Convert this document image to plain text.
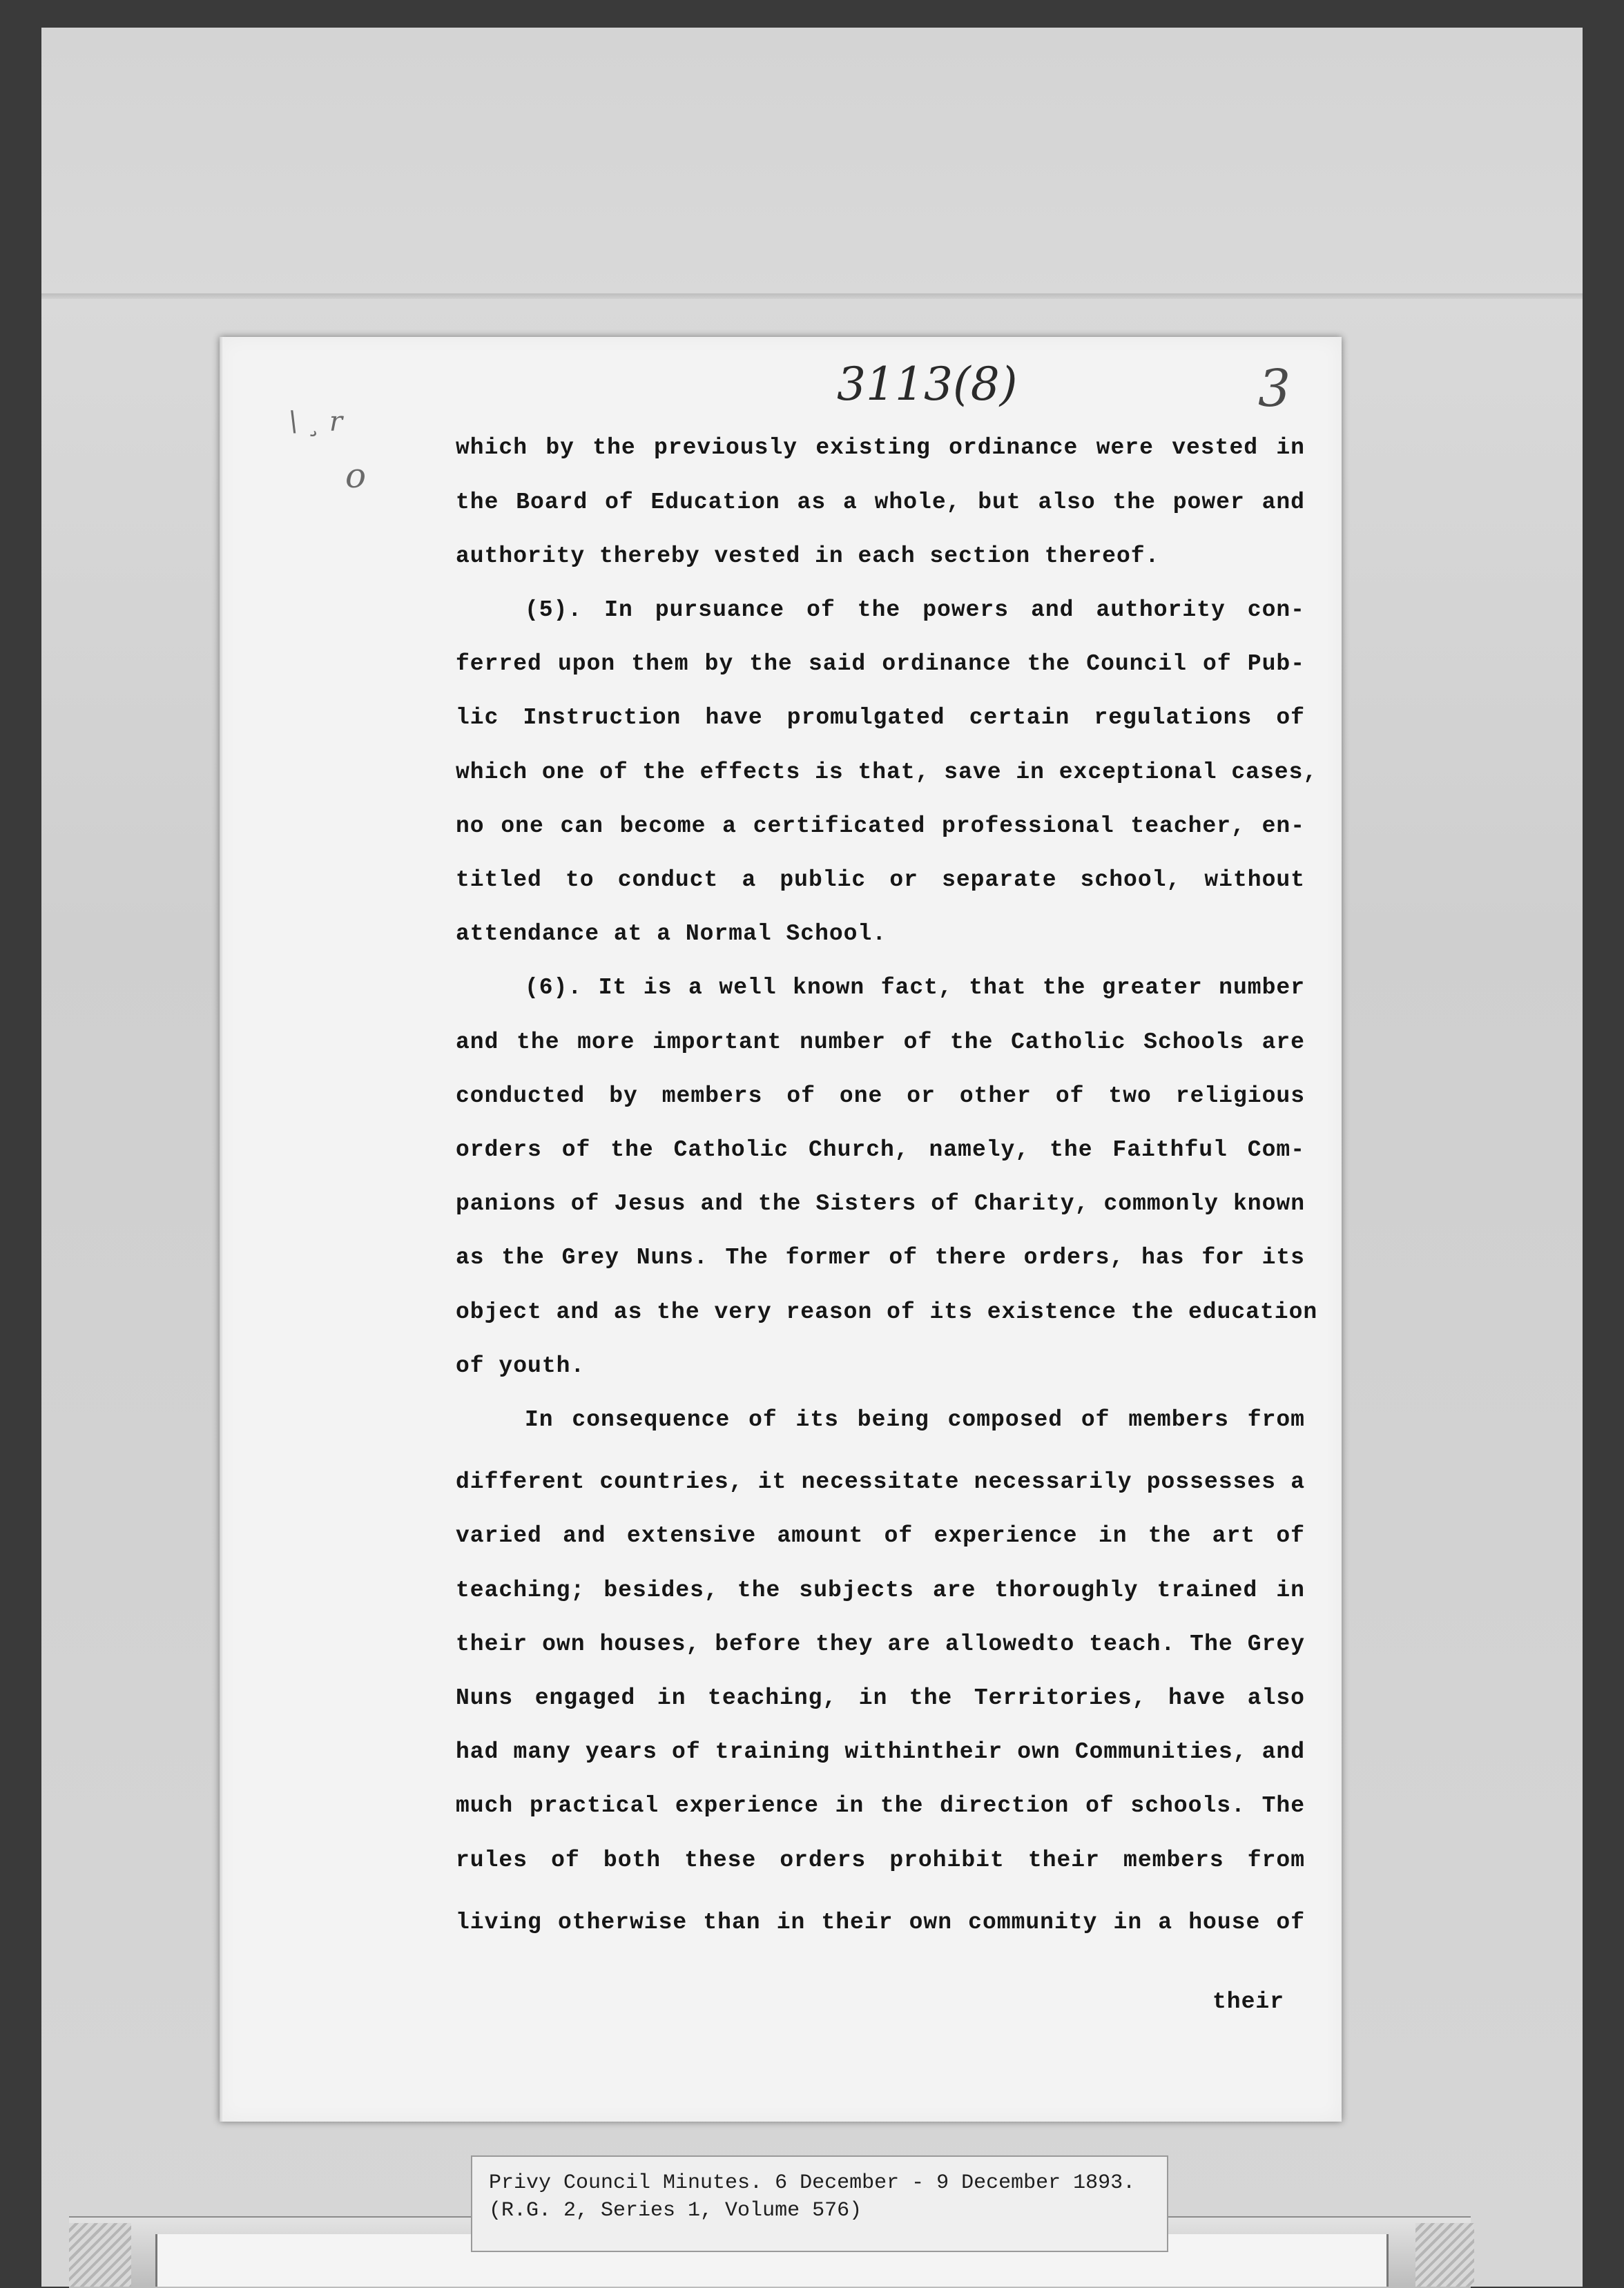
3113(8)	3
\ ¸ r
o
which by the previously existing ordinance were vested in
the Board of Education as a whole, but also the power and
authority thereby vested in each section thereof.
(5). In pursuance of the powers and authority con-
ferred upon them by the said ordinance the Council of Pub-
lic Instruction have promulgated certain regulations of
which one of the effects is that, save in exceptional cases,
no one can become a certificated professional teacher, en-
titled to conduct a public or separate school, without
attendance at a Normal School.
(6). It is a well known fact, that the greater number
and the more important number of the Catholic Schools are
conducted by members of one or other of two religious
orders of the Catholic Church, namely, the Faithful Com-
panions of Jesus and the Sisters of Charity, commonly known
as the Grey Nuns. The former of there orders, has for its
object and as the very reason of its existence the education
of youth.
In consequence of its being composed of members from
different countries, it necessitate necessarily possesses a
varied and extensive amount of experience in the art of
teaching; besides, the subjects are thoroughly trained in
their own houses, before they are allowedto teach. The Grey
Nuns engaged in teaching, in the Territories, have also
had many years of training withintheir own Communities, and
much practical experience in the direction of schools. The
rules of both these orders prohibit their members from
living otherwise than in their own community in a house of
their
Privy Council Minutes. 6 December - 9 December 1893.
(R.G. 2, Series 1, Volume 576)
